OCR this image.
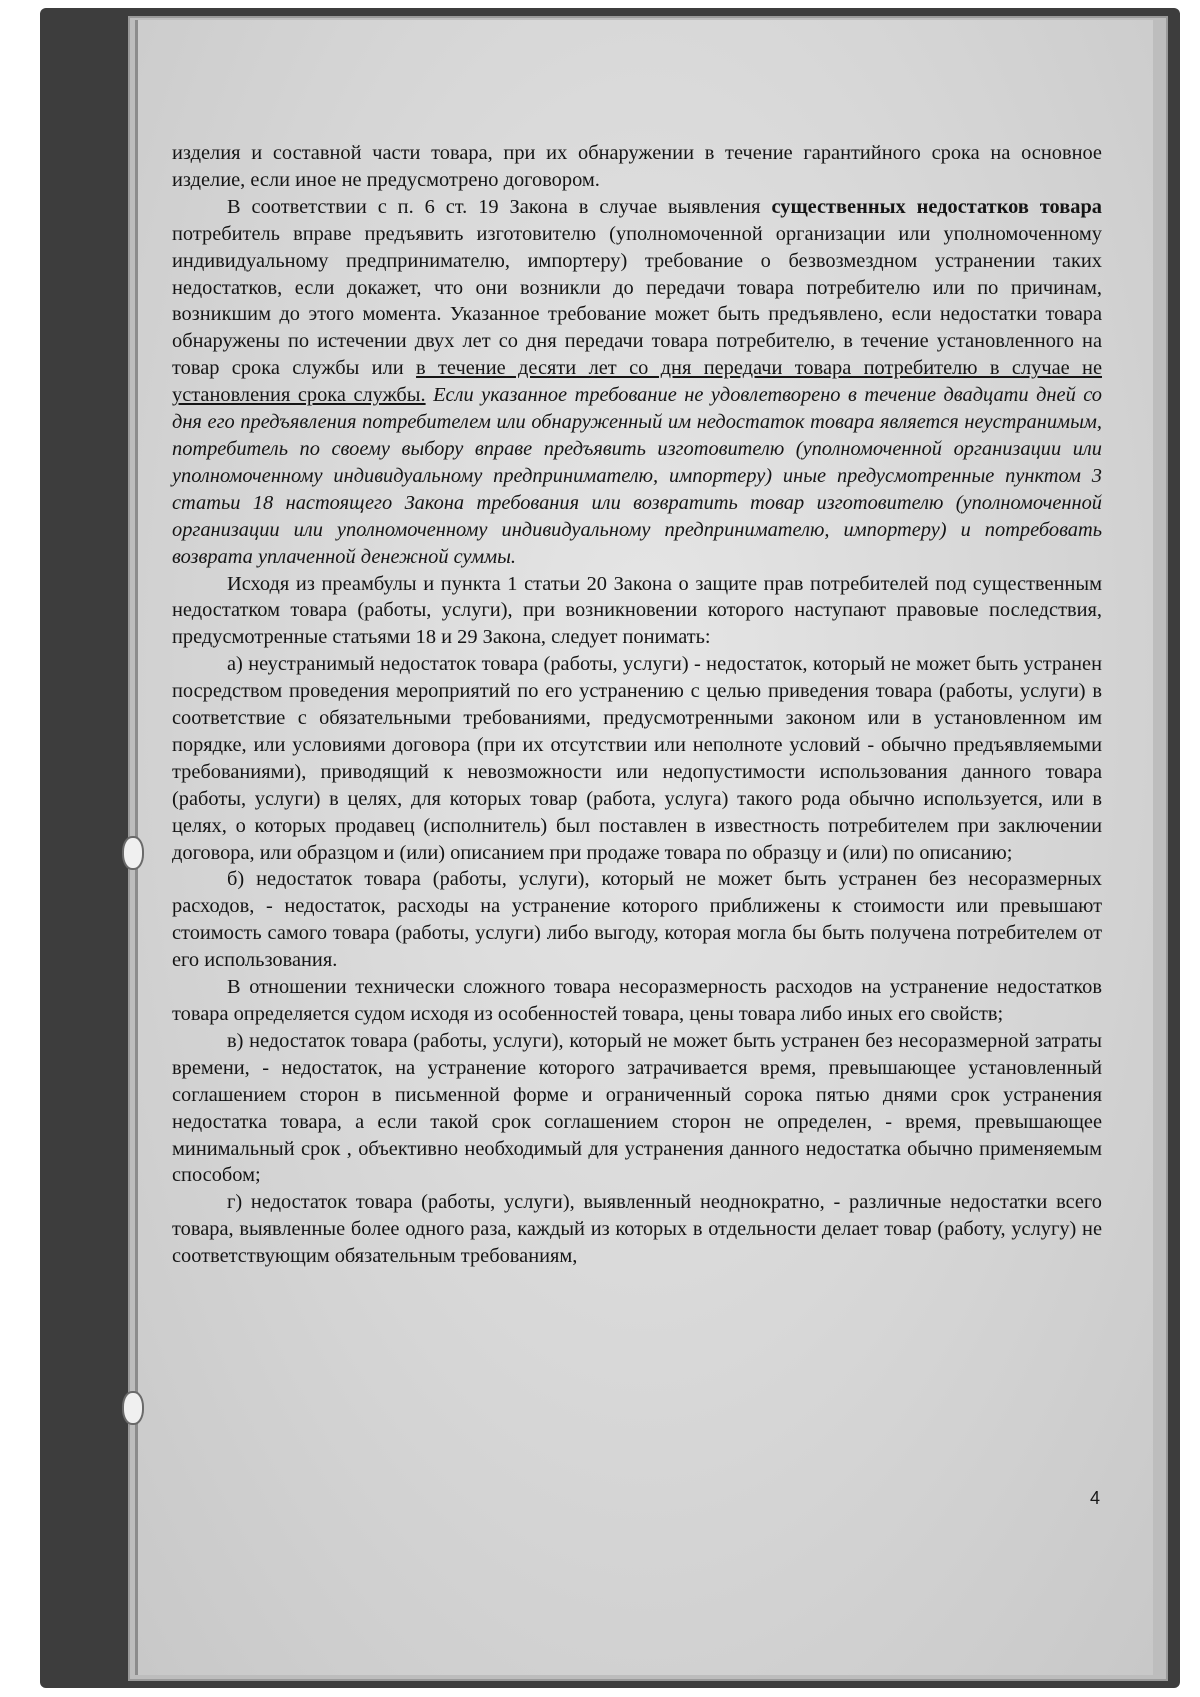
изделия и составной части товара, при их обнаружении в течение гарантийного срока на основное изделие, если иное не предусмотрено договором.

В соответствии с п. 6 ст. 19 Закона в случае выявления существенных недостатков товара потребитель вправе предъявить изготовителю (уполномоченной организации или уполномоченному индивидуальному предпринимателю, импортеру) требование о безвозмездном устранении таких недостатков, если докажет, что они возникли до передачи товара потребителю или по причинам, возникшим до этого момента. Указанное требование может быть предъявлено, если недостатки товара обнаружены по истечении двух лет со дня передачи товара потребителю, в течение установленного на товар срока службы или в течение десяти лет со дня передачи товара потребителю в случае не установления срока службы. Если указанное требование не удовлетворено в течение двадцати дней со дня его предъявления потребителем или обнаруженный им недостаток товара является неустранимым, потребитель по своему выбору вправе предъявить изготовителю (уполномоченной организации или уполномоченному индивидуальному предпринимателю, импортеру) иные предусмотренные пунктом 3 статьи 18 настоящего Закона требования или возвратить товар изготовителю (уполномоченной организации или уполномоченному индивидуальному предпринимателю, импортеру) и потребовать возврата уплаченной денежной суммы.

Исходя из преамбулы и пункта 1 статьи 20 Закона о защите прав потребителей под существенным недостатком товара (работы, услуги), при возникновении которого наступают правовые последствия, предусмотренные статьями 18 и 29 Закона, следует понимать:

а) неустранимый недостаток товара (работы, услуги) - недостаток, который не может быть устранен посредством проведения мероприятий по его устранению с целью приведения товара (работы, услуги) в соответствие с обязательными требованиями, предусмотренными законом или в установленном им порядке, или условиями договора (при их отсутствии или неполноте условий - обычно предъявляемыми требованиями), приводящий к невозможности или недопустимости использования данного товара (работы, услуги) в целях, для которых товар (работа, услуга) такого рода обычно используется, или в целях, о которых продавец (исполнитель) был поставлен в известность потребителем при заключении договора, или образцом и (или) описанием при продаже товара по образцу и (или) по описанию;

б) недостаток товара (работы, услуги), который не может быть устранен без несоразмерных расходов, - недостаток, расходы на устранение которого приближены к стоимости или превышают стоимость самого товара (работы, услуги) либо выгоду, которая могла бы быть получена потребителем от его использования.

В отношении технически сложного товара несоразмерность расходов на устранение недостатков товара определяется судом исходя из особенностей товара, цены товара либо иных его свойств;

в) недостаток товара (работы, услуги), который не может быть устранен без несоразмерной затраты времени, - недостаток, на устранение которого затрачивается время, превышающее установленный соглашением сторон в письменной форме и ограниченный сорока пятью днями срок устранения недостатка товара, а если такой срок соглашением сторон не определен, - время, превышающее минимальный срок , объективно необходимый для устранения данного недостатка обычно применяемым способом;

г) недостаток товара (работы, услуги), выявленный неоднократно, - различные недостатки всего товара, выявленные более одного раза, каждый из которых в отдельности делает товар (работу, услугу) не соответствующим обязательным требованиям,

4
